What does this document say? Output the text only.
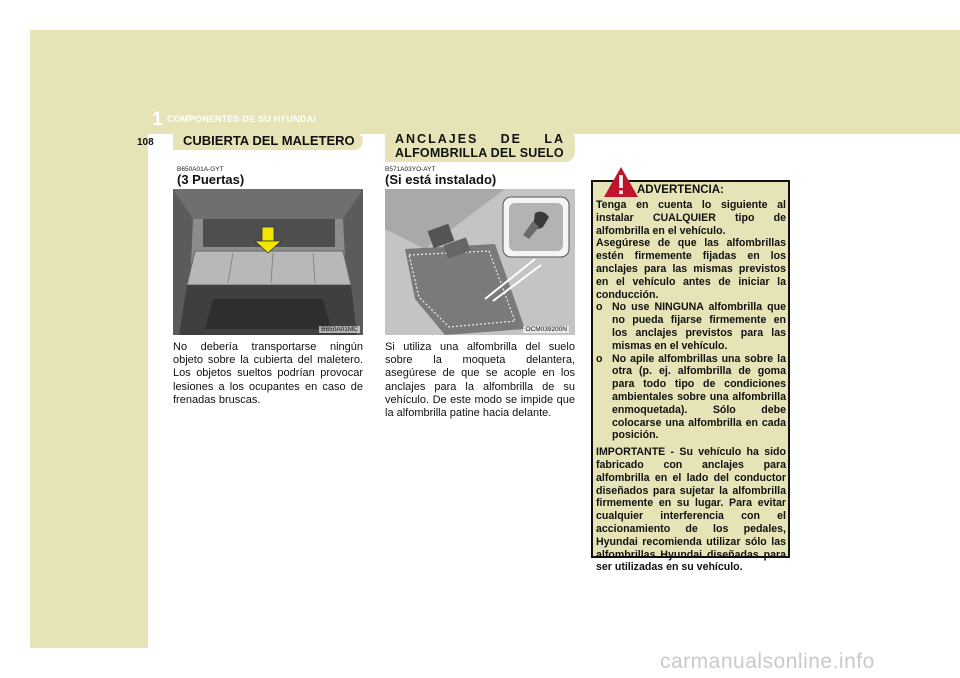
1 COMPONENTES DE SU HYUNDAI
108	CUBIERTA DEL MALETERO
B650A01A-GYT
(3 Puertas)
B650A01MC
No debería transportarse ningún objeto sobre la cubierta del maletero. Los objetos sueltos podrían provocar lesiones a los ocupantes en caso de frenadas bruscas.
ANCLAJES DE LA
ALFOMBRILLA DEL SUELO
B571A03YO-AYT
(Si está instalado)
OCM039200N
Si utiliza una alfombrilla del suelo sobre la moqueta delantera, asegúrese de que se acople en los anclajes para la alfombrilla de su vehículo. De este modo se impide que la alfombrilla patine hacia delante.
ADVERTENCIA:

Tenga en cuenta lo siguiente al instalar CUALQUIER tipo de alfombrilla en el vehículo.

Asegúrese de que las alfombrillas estén firmemente fijadas en los anclajes para las mismas previstos en el vehículo antes de iniciar la conducción.

o No use NINGUNA alfombrilla que no pueda fijarse firmemente en los anclajes previstos para las mismas en el vehículo.
o No apile alfombrillas una sobre la otra (p. ej. alfombrilla de goma para todo tipo de condiciones ambientales sobre una alfombrilla enmoquetada). Sólo debe colocarse una alfombrilla en cada posición.

IMPORTANTE - Su vehículo ha sido fabricado con anclajes para alfombrilla en el lado del conductor diseñados para sujetar la alfombrilla firmemente en su lugar. Para evitar cualquier interferencia con el accionamiento de los pedales, Hyundai recomienda utilizar sólo las alfombrillas Hyundai diseñadas para ser utilizadas en su vehículo.

carmanualsonline.info
